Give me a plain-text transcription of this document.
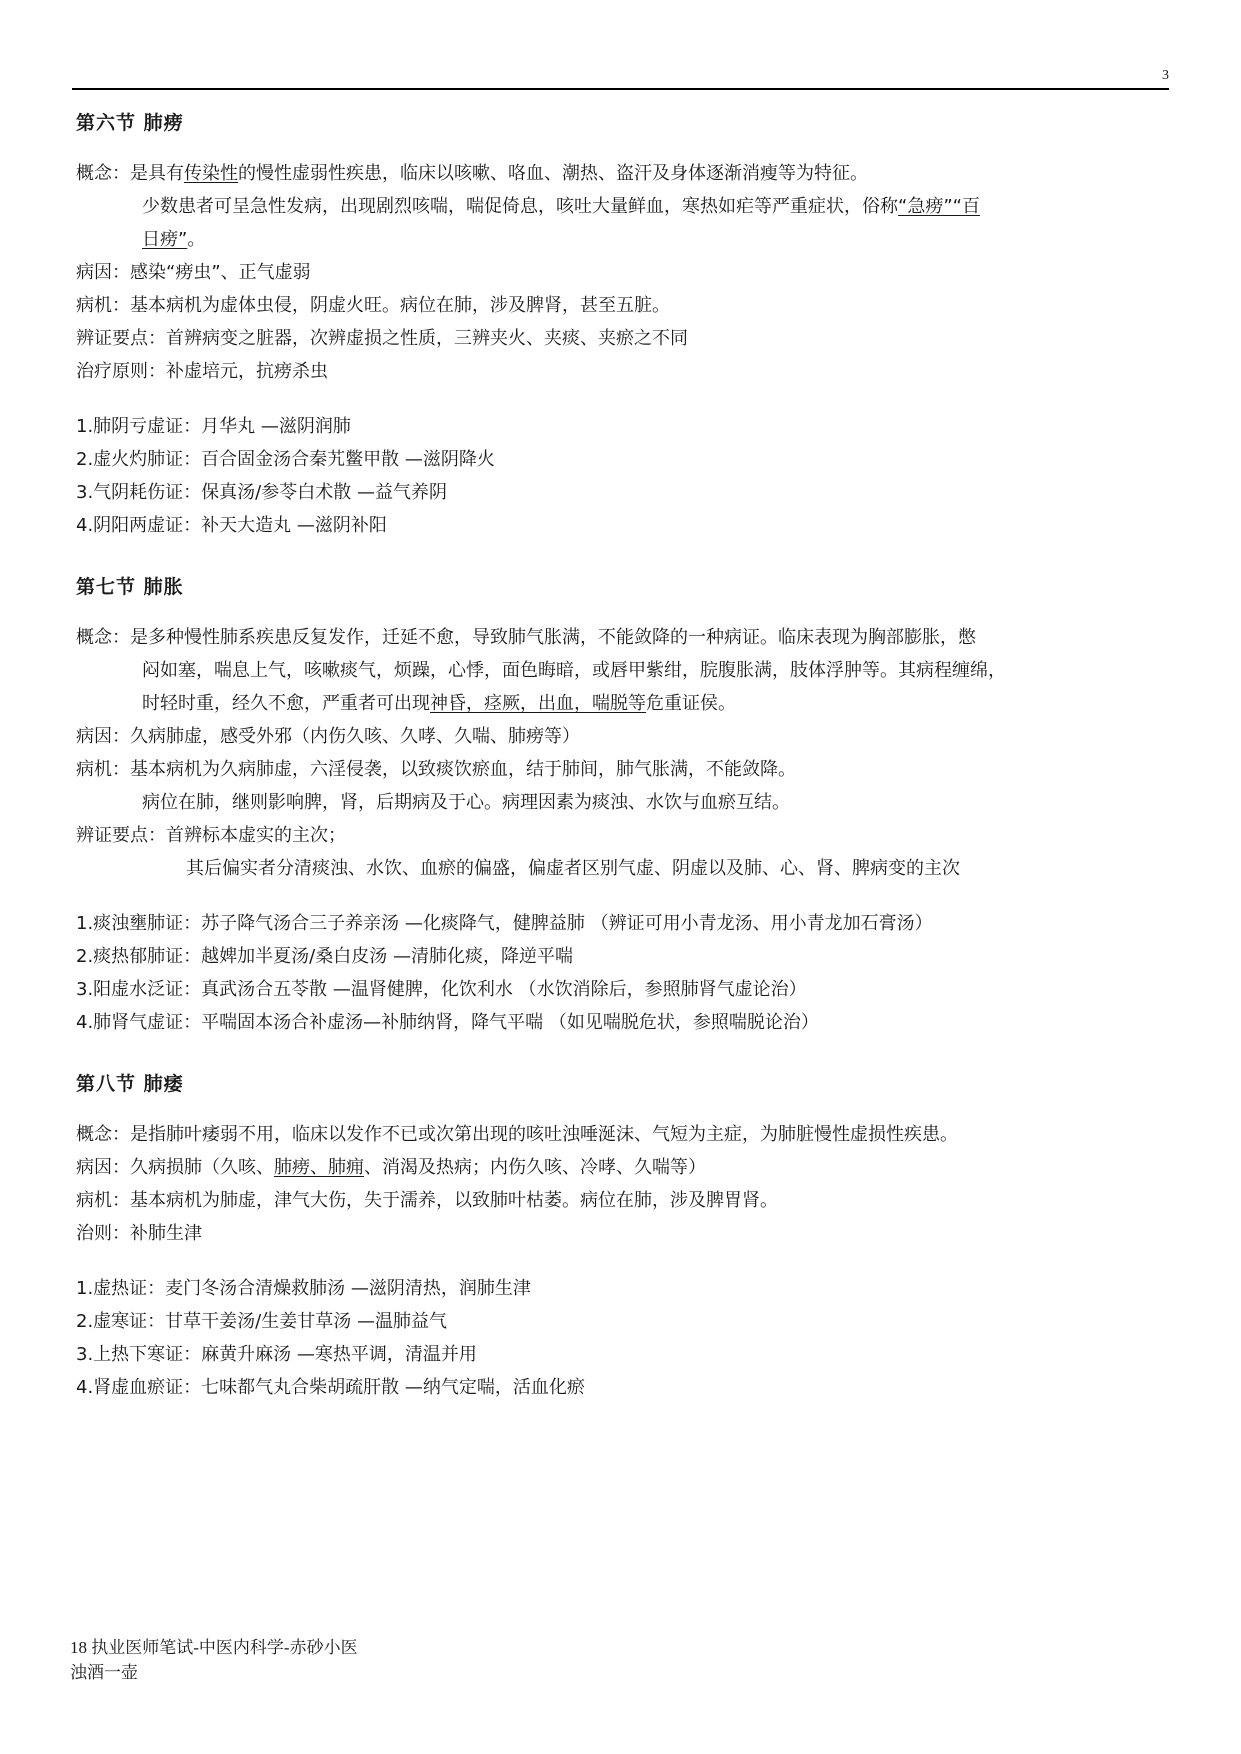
3
第六节 肺痨
概念：是具有传染性的慢性虚弱性疾患，临床以咳嗽、咯血、潮热、盗汗及身体逐渐消瘦等为特征。
少数患者可呈急性发病，出现剧烈咳喘，喘促倚息，咳吐大量鲜血，寒热如疟等严重症状，俗称“急痨”“百
日痨”。
病因：感染“痨虫”、正气虚弱
病机：基本病机为虚体虫侵，阴虚火旺。病位在肺，涉及脾肾，甚至五脏。
辨证要点：首辨病变之脏器，次辨虚损之性质，三辨夹火、夹痰、夹瘀之不同
治疗原则：补虚培元，抗痨杀虫
1.肺阴亏虚证：月华丸 —滋阴润肺
2.虚火灼肺证：百合固金汤合秦艽鳖甲散 —滋阴降火
3.气阴耗伤证：保真汤/参苓白术散 —益气养阴
4.阴阳两虚证：补天大造丸 —滋阴补阳
第七节 肺胀
概念：是多种慢性肺系疾患反复发作，迁延不愈，导致肺气胀满，不能敛降的一种病证。临床表现为胸部膨胀，憋
闷如塞，喘息上气，咳嗽痰气，烦躁，心悸，面色晦暗，或唇甲紫绀，脘腹胀满，肢体浮肿等。其病程缠绵，
时轻时重，经久不愈，严重者可出现神昏，痉厥，出血，喘脱等危重证侯。
病因：久病肺虚，感受外邪（内伤久咳、久哮、久喘、肺痨等）
病机：基本病机为久病肺虚，六淫侵袭，以致痰饮瘀血，结于肺间，肺气胀满，不能敛降。
病位在肺，继则影响脾，肾，后期病及于心。病理因素为痰浊、水饮与血瘀互结。
辨证要点：首辨标本虚实的主次；
其后偏实者分清痰浊、水饮、血瘀的偏盛，偏虚者区别气虚、阴虚以及肺、心、肾、脾病变的主次
1.痰浊壅肺证：苏子降气汤合三子养亲汤 —化痰降气，健脾益肺 （辨证可用小青龙汤、用小青龙加石膏汤）
2.痰热郁肺证：越婢加半夏汤/桑白皮汤 —清肺化痰，降逆平喘
3.阳虚水泛证：真武汤合五苓散 —温肾健脾，化饮利水 （水饮消除后，参照肺肾气虚论治）
4.肺肾气虚证：平喘固本汤合补虚汤—补肺纳肾，降气平喘 （如见喘脱危状，参照喘脱论治）
第八节 肺痿
概念：是指肺叶痿弱不用，临床以发作不已或次第出现的咳吐浊唾涎沫、气短为主症，为肺脏慢性虚损性疾患。
病因：久病损肺（久咳、肺痨、肺痈、消渴及热病；内伤久咳、冷哮、久喘等）
病机：基本病机为肺虚，津气大伤，失于濡养，以致肺叶枯萎。病位在肺，涉及脾胃肾。
治则：补肺生津
1.虚热证：麦门冬汤合清燥救肺汤 —滋阴清热，润肺生津
2.虚寒证：甘草干姜汤/生姜甘草汤 —温肺益气
3.上热下寒证：麻黄升麻汤 —寒热平调，清温并用
4.肾虚血瘀证：七味都气丸合柴胡疏肝散 —纳气定喘，活血化瘀
18 执业医师笔试-中医内科学-赤砂小医
浊酒一壶
